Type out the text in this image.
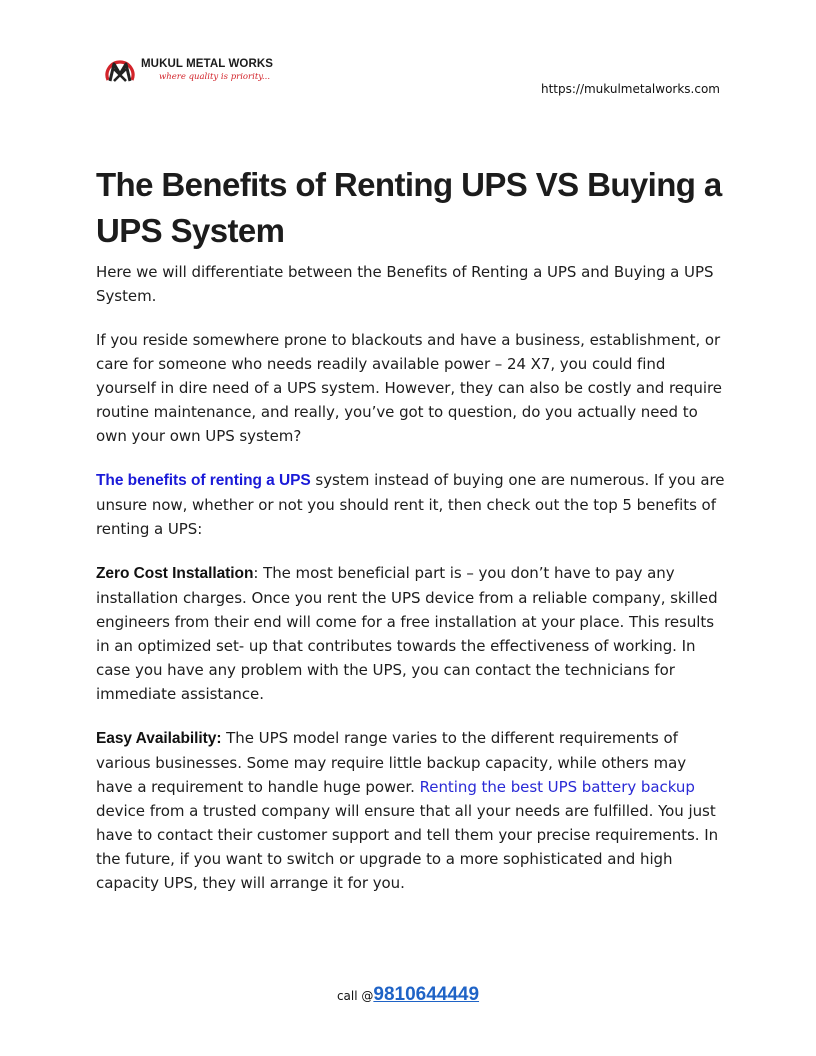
MUKUL METAL WORKS
where quality is priority...
https://mukulmetalworks.com
The Benefits of Renting UPS VS Buying a UPS System

Here we will differentiate between the Benefits of Renting a UPS and Buying a UPS System.

If you reside somewhere prone to blackouts and have a business, establishment, or care for someone who needs readily available power – 24 X7, you could find yourself in dire need of a UPS system. However, they can also be costly and require routine maintenance, and really, you’ve got to question, do you actually need to own your own UPS system?

The benefits of renting a UPS system instead of buying one are numerous. If you are unsure now, whether or not you should rent it, then check out the top 5 benefits of renting a UPS:

Zero Cost Installation: The most beneficial part is – you don’t have to pay any installation charges. Once you rent the UPS device from a reliable company, skilled engineers from their end will come for a free installation at your place. This results in an optimized set- up that contributes towards the effectiveness of working. In case you have any problem with the UPS, you can contact the technicians for immediate assistance.

Easy Availability: The UPS model range varies to the different requirements of various businesses. Some may require little backup capacity, while others may have a requirement to handle huge power. Renting the best UPS battery backup device from a trusted company will ensure that all your needs are fulfilled. You just have to contact their customer support and tell them your precise requirements. In the future, if you want to switch or upgrade to a more sophisticated and high capacity UPS, they will arrange it for you.

call @9810644449
